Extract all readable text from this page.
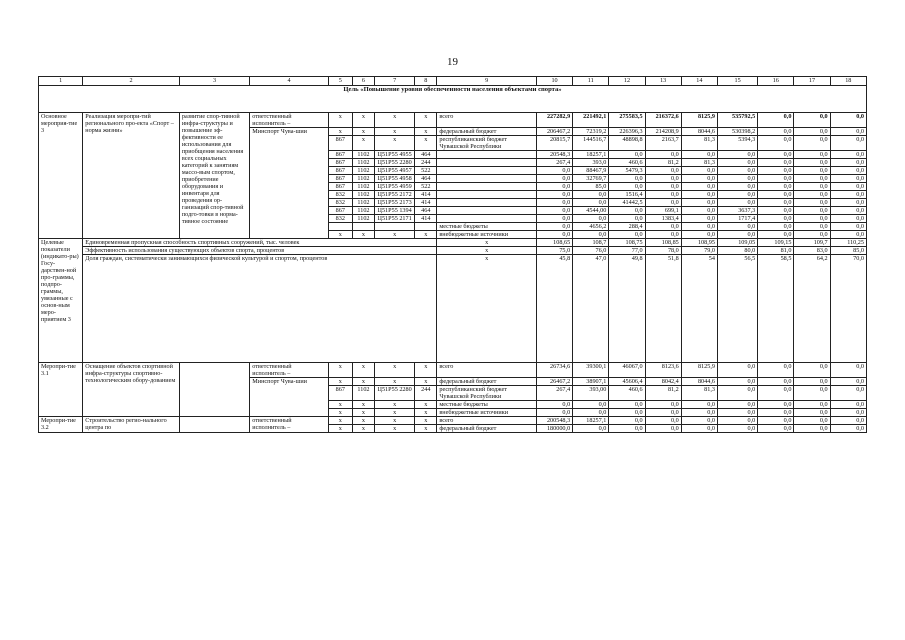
19
1	2	3	4	5	6	7	8	9	10	11	12	13	14	15	16	17	18
Цель «Повышение уровня обеспеченности населения объектами спорта»																	
Основное мероприя-тие 3	Реализация меропри-тий регионального про-екта «Спорт – норма жизни»	развитие спор-тивной инфра-структуры и повышение эф-фективности ее использования для приобщения населения всех социальных категорий к занятиям массо-вым спортом, приобретение оборудования и инвентаря для проведения ор-ганизаций спор-тивной подго-товки в норма-тивное состояние	ответственный исполнитель –	x	x	x	x	всего	227282,9	221492,1	275583,5	216372,6	8125,9	535792,5	0,0	0,0	0,0
			Минспорт Чува-шии	x	x	x	x	федеральный бюджет	206467,2	72319,2	226396,3	214208,9	8044,6	530398,2	0,0	0,0	0,0
				867	x	x	x	республиканский бюджет Чувашской Республики	20815,7	144516,7	48898,8	2163,7	81,3	5394,3	0,0	0,0	0,0
				867	1102	Ц51Р55 4955	464		20548,3	18257,1	0,0	0,0	0,0	0,0	0,0	0,0	0,0
				867	1102	Ц51Р55 2280	244		267,4	393,0	460,6	81,2	81,3	0,0	0,0	0,0	0,0
				867	1102	Ц51Р55 4957	522		0,0	88467,9	5479,3	0,0	0,0	0,0	0,0	0,0	0,0
				867	1102	Ц51Р55 4958	464		0,0	32769,7	0,0	0,0	0,0	0,0	0,0	0,0	0,0
				867	1102	Ц51Р55 4959	522		0,0	85,0	0,0	0,0	0,0	0,0	0,0	0,0	0,0
				832	1102	Ц51Р55 2172	414		0,0	0,0	1516,4	0,0	0,0	0,0	0,0	0,0	0,0
				832	1102	Ц51Р55 2173	414		0,0	0,0	41442,5	0,0	0,0	0,0	0,0	0,0	0,0
				867	1102	Ц51Р55 1394	464		0,0	4544,00	0,0	699,1	0,0	3637,3	0,0	0,0	0,0
				832	1102	Ц51Р55 2171	414		0,0	0,0	0,0	1383,4	0,0	1717,4	0,0	0,0	0,0
								местные бюджеты	0,0	4656,2	288,4	0,0	0,0	0,0	0,0	0,0	0,0
				x	x	x	x	внебюджетные источники	0,0	0,0	0,0	0,0	0,0	0,0	0,0	0,0	0,0
Целевые показатели (индикато-ры) Госу-дарствен-ной про-граммы, подпро-граммы, увязанные с основ-ным меро-приятием 3	Единовременная пропускная способность спортивных сооружений, тыс. человек							x	108,65	108,7	108,75	108,85	108,95	109,05	109,15	109,7	110,25
	Эффективность использования существующих объектов спорта, процентов							x	75,0	76,0	77,0	78,0	79,0	80,0	81,0	83,0	85,0
	Доля граждан, систематически занимающихся физической культурой и спортом, процентов							x	45,8	47,0	49,8	51,8	54	56,5	58,5	64,2	70,0
Меропри-тие 3.1	Оснащение объектов спортивной инфра-структуры спортивно-технологическим обору-дованием		ответственный исполнитель –	x	x	x	x	всего	26734,6	39300,1	46067,0	8123,6	8125,9	0,0	0,0	0,0	0,0
			Минспорт Чува-шии	x	x	x	x	федеральный бюджет	26467,2	38907,1	45606,4	8042,4	8044,6	0,0	0,0	0,0	0,0
				867	1102	Ц51Р55 2280	244	республиканский бюджет Чувашской Республики	267,4	393,00	460,6	81,2	81,3	0,0	0,0	0,0	0,0
				x	x	x	x	местные бюджеты	0,0	0,0	0,0	0,0	0,0	0,0	0,0	0,0	0,0
				x	x	x	x	внебюджетные источники	0,0	0,0	0,0	0,0	0,0	0,0	0,0	0,0	0,0
Меропри-тие 3.2	Строительство регио-нального центра по		ответственный исполнитель –	x	x	x	x	всего	200548,3	18257,1	0,0	0,0	0,0	0,0	0,0	0,0	0,0
				x	x	x	x	федеральный бюджет	180000,0	0,0	0,0	0,0	0,0	0,0	0,0	0,0	0,0
